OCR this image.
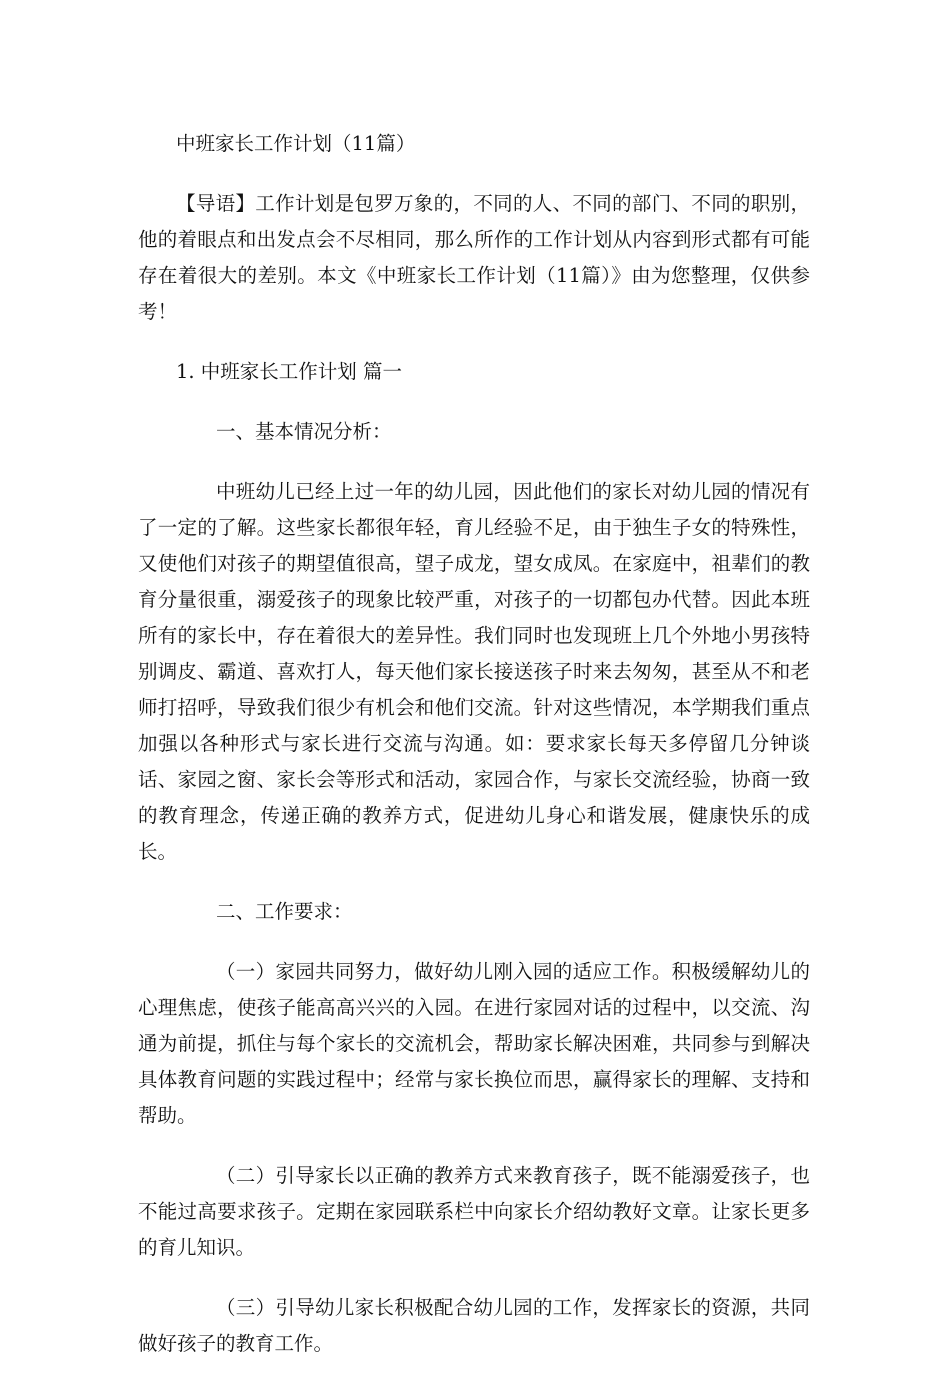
中班家长工作计划（11篇）

【导语】工作计划是包罗万象的，不同的人、不同的部门、不同的职别，他的着眼点和出发点会不尽相同，那么所作的工作计划从内容到形式都有可能存在着很大的差别。本文《中班家长工作计划（11篇）》由为您整理，仅供参考！

1. 中班家长工作计划 篇一

一、基本情况分析：

中班幼儿已经上过一年的幼儿园，因此他们的家长对幼儿园的情况有了一定的了解。这些家长都很年轻，育儿经验不足，由于独生子女的特殊性，又使他们对孩子的期望值很高，望子成龙，望女成凤。在家庭中，祖辈们的教育分量很重，溺爱孩子的现象比较严重，对孩子的一切都包办代替。因此本班所有的家长中，存在着很大的差异性。我们同时也发现班上几个外地小男孩特别调皮、霸道、喜欢打人，每天他们家长接送孩子时来去匆匆，甚至从不和老师打招呼，导致我们很少有机会和他们交流。针对这些情况，本学期我们重点加强以各种形式与家长进行交流与沟通。如：要求家长每天多停留几分钟谈话、家园之窗、家长会等形式和活动，家园合作，与家长交流经验，协商一致的教育理念，传递正确的教养方式，促进幼儿身心和谐发展，健康快乐的成长。

二、工作要求：

（一）家园共同努力，做好幼儿刚入园的适应工作。积极缓解幼儿的心理焦虑，使孩子能高高兴兴的入园。在进行家园对话的过程中，以交流、沟通为前提，抓住与每个家长的交流机会，帮助家长解决困难，共同参与到解决具体教育问题的实践过程中；经常与家长换位而思，赢得家长的理解、支持和帮助。

（二）引导家长以正确的教养方式来教育孩子，既不能溺爱孩子，也不能过高要求孩子。定期在家园联系栏中向家长介绍幼教好文章。让家长更多的育儿知识。

（三）引导幼儿家长积极配合幼儿园的工作，发挥家长的资源，共同做好孩子的教育工作。
